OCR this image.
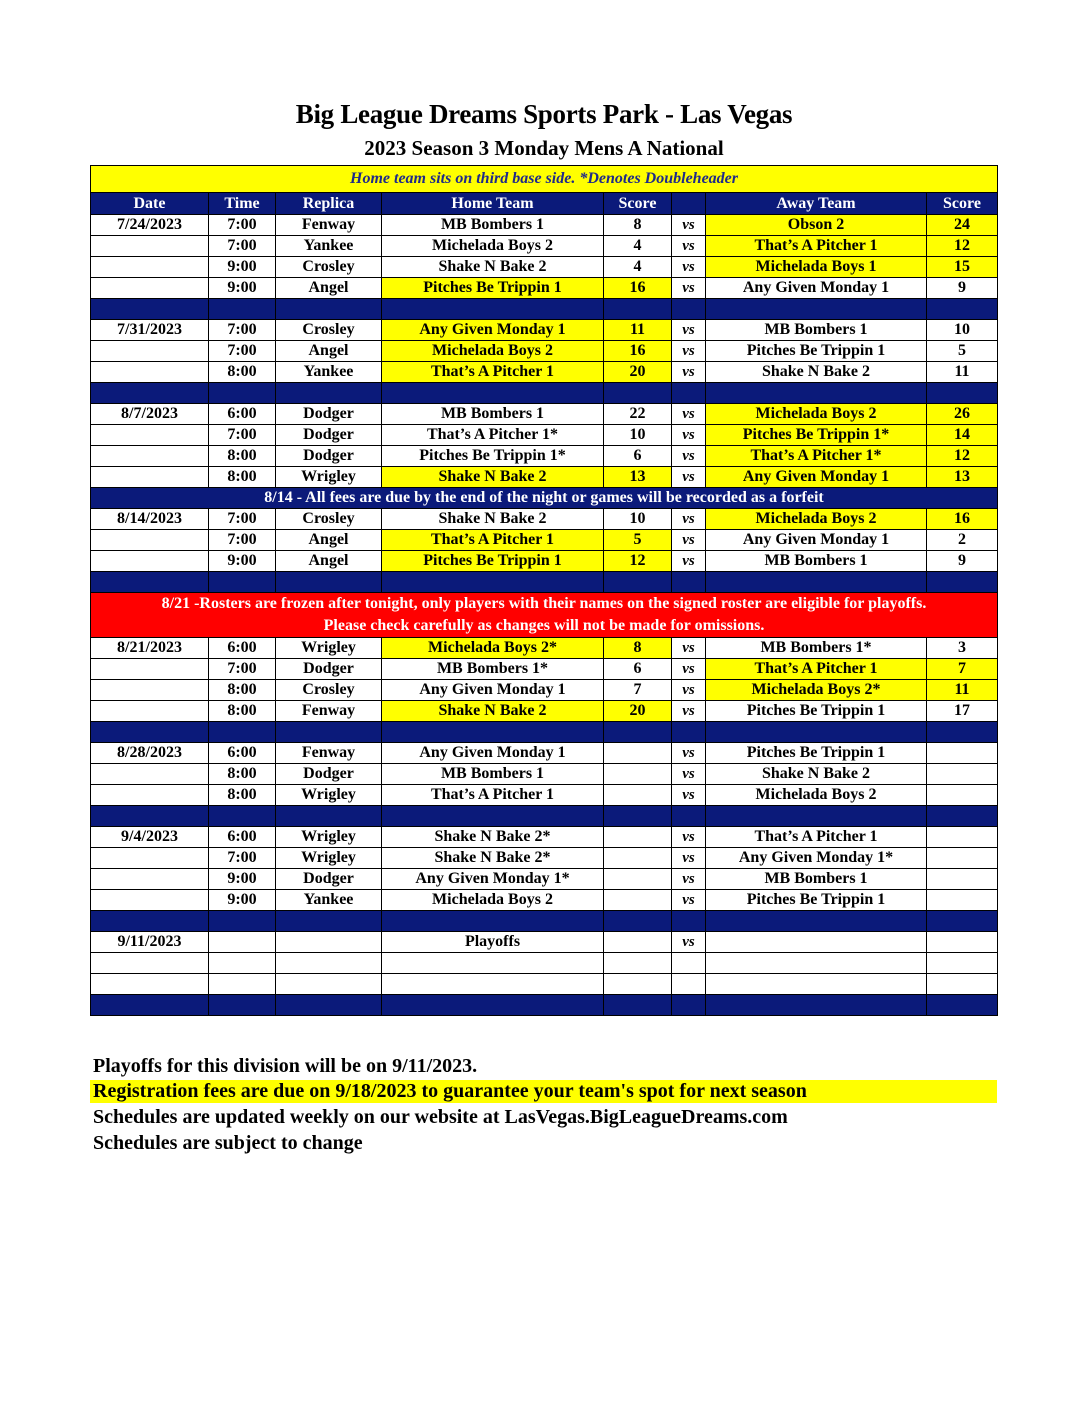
Big League Dreams Sports Park - Las Vegas
2023 Season 3 Monday Mens A National
Home team sits on third base side. *Denotes Doubleheader							
Date	Time	Replica	Home Team	Score		Away Team	Score
7/24/2023	7:00	Fenway	MB Bombers 1	8	vs	Obson 2	24
	7:00	Yankee	Michelada Boys 2	4	vs	That’s A Pitcher 1	12
	9:00	Crosley	Shake N Bake 2	4	vs	Michelada Boys 1	15
	9:00	Angel	Pitches Be Trippin 1	16	vs	Any Given Monday 1	9

7/31/2023	7:00	Crosley	Any Given Monday 1	11	vs	MB Bombers 1	10
	7:00	Angel	Michelada Boys 2	16	vs	Pitches Be Trippin 1	5
	8:00	Yankee	That’s A Pitcher 1	20	vs	Shake N Bake 2	11

8/7/2023	6:00	Dodger	MB Bombers 1	22	vs	Michelada Boys 2	26
	7:00	Dodger	That’s A Pitcher 1*	10	vs	Pitches Be Trippin 1*	14
	8:00	Dodger	Pitches Be Trippin 1*	6	vs	That’s A Pitcher 1*	12
	8:00	Wrigley	Shake N Bake 2	13	vs	Any Given Monday 1	13
8/14 - All fees are due by the end of the night or games will be recorded as a forfeit							
8/14/2023	7:00	Crosley	Shake N Bake 2	10	vs	Michelada Boys 2	16
	7:00	Angel	That’s A Pitcher 1	5	vs	Any Given Monday 1	2
	9:00	Angel	Pitches Be Trippin 1	12	vs	MB Bombers 1	9

8/21 -Rosters are frozen after tonight, only players with their names on the signed roster are eligible for playoffs.
Please check carefully as changes will not be made for omissions.							

8/21/2023	6:00	Wrigley	Michelada Boys 2*	8	vs	MB Bombers 1*	3
	7:00	Dodger	MB Bombers 1*	6	vs	That’s A Pitcher 1	7
	8:00	Crosley	Any Given Monday 1	7	vs	Michelada Boys 2*	11
	8:00	Fenway	Shake N Bake 2	20	vs	Pitches Be Trippin 1	17

8/28/2023	6:00	Fenway	Any Given Monday 1		vs	Pitches Be Trippin 1	
	8:00	Dodger	MB Bombers 1		vs	Shake N Bake 2	
	8:00	Wrigley	That’s A Pitcher 1		vs	Michelada Boys 2	

9/4/2023	6:00	Wrigley	Shake N Bake 2*		vs	That’s A Pitcher 1	
	7:00	Wrigley	Shake N Bake 2*		vs	Any Given Monday 1*	
	9:00	Dodger	Any Given Monday 1*		vs	MB Bombers 1	
	9:00	Yankee	Michelada Boys 2		vs	Pitches Be Trippin 1	

9/11/2023			Playoffs		vs		

Playoffs for this division will be on 9/11/2023.
Registration fees are due on 9/18/2023 to guarantee your team's spot for next season
Schedules are updated weekly on our website at LasVegas.BigLeagueDreams.com
Schedules are subject to change
